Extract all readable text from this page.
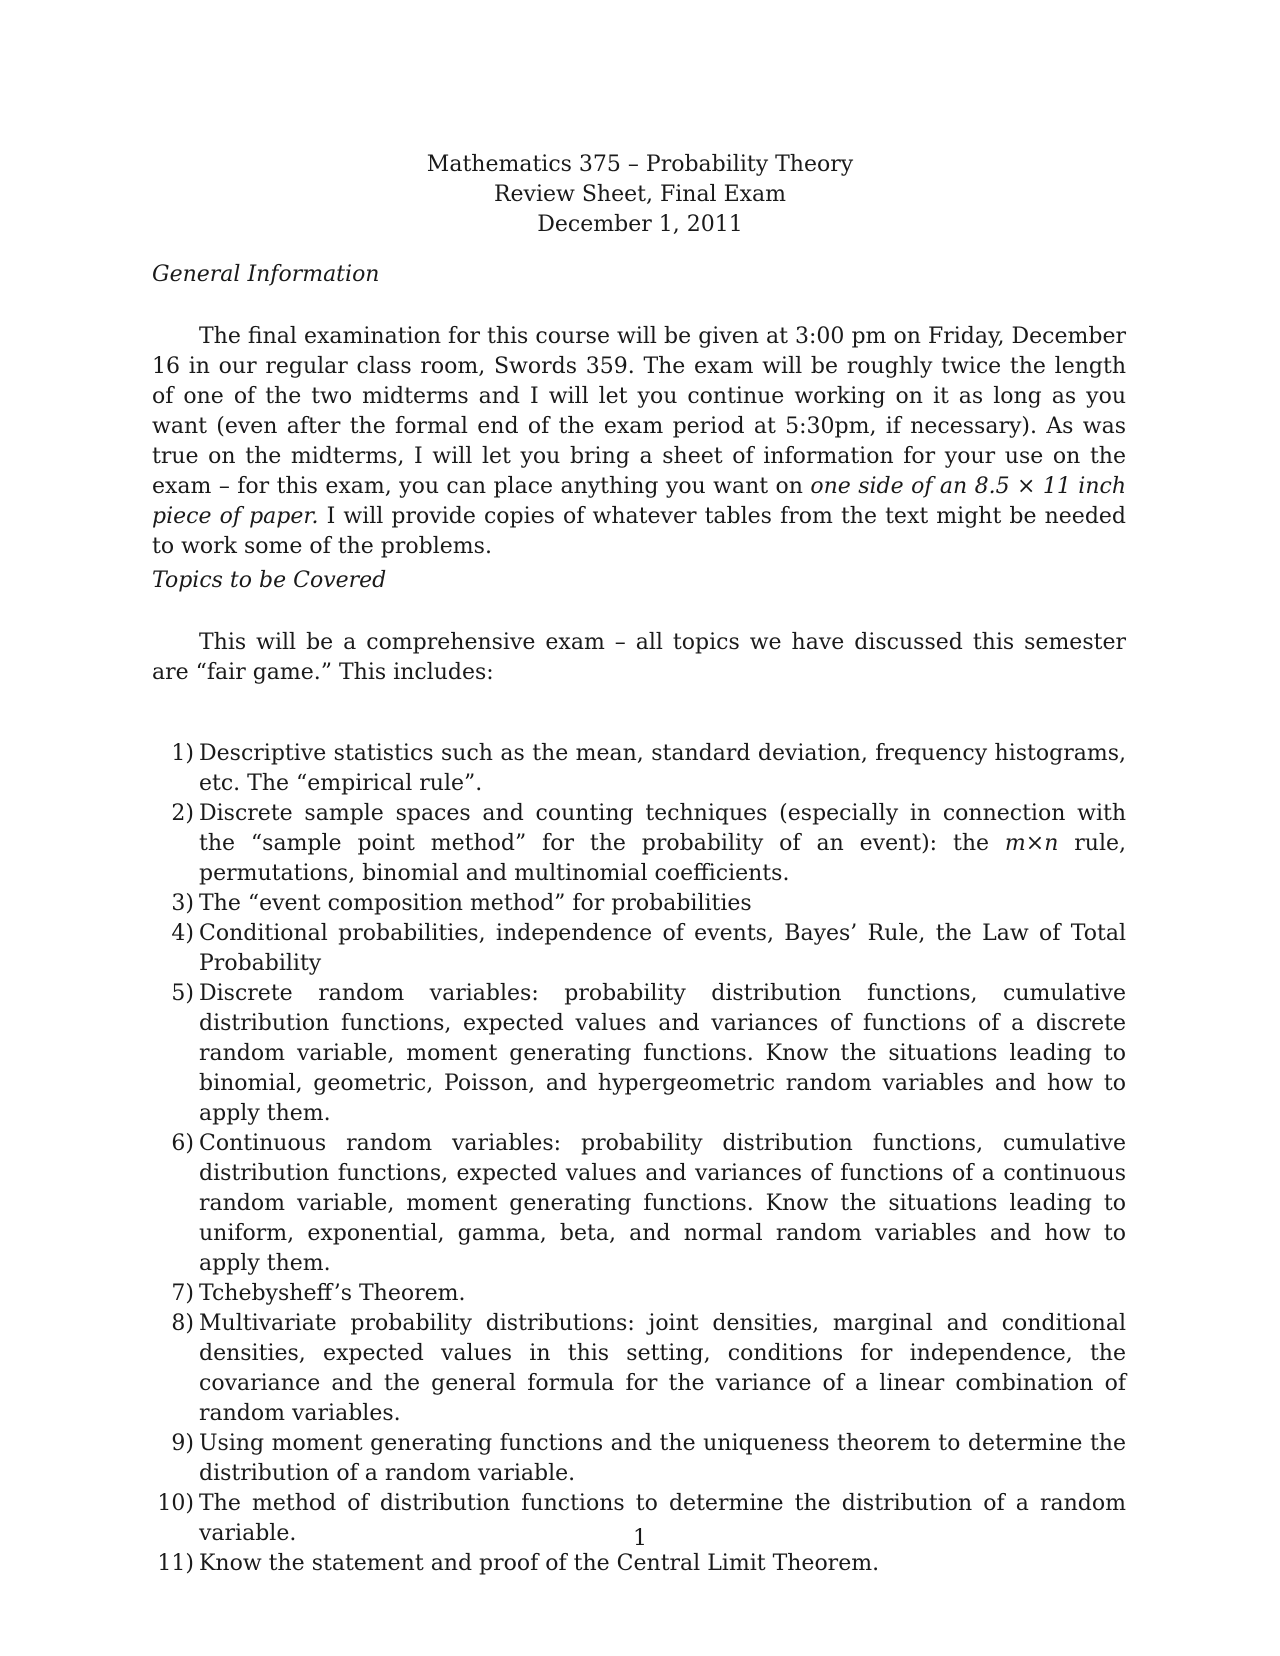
Mathematics 375 – Probability Theory
Review Sheet, Final Exam
December 1, 2011
General Information

The final examination for this course will be given at 3:00 pm on Friday, December 16 in our regular class room, Swords 359. The exam will be roughly twice the length of one of the two midterms and I will let you continue working on it as long as you want (even after the formal end of the exam period at 5:30pm, if necessary). As was true on the midterms, I will let you bring a sheet of information for your use on the exam – for this exam, you can place anything you want on one side of an 8.5 × 11 inch piece of paper. I will provide copies of whatever tables from the text might be needed to work some of the problems.

Topics to be Covered

This will be a comprehensive exam – all topics we have discussed this semester are “fair game.” This includes:

1) Descriptive statistics such as the mean, standard deviation, frequency histograms, etc. The “empirical rule”.
2) Discrete sample spaces and counting techniques (especially in connection with the “sample point method” for the probability of an event): the m×n rule, permutations, binomial and multinomial coefficients.
3) The “event composition method” for probabilities
4) Conditional probabilities, independence of events, Bayes’ Rule, the Law of Total Probability
5) Discrete random variables: probability distribution functions, cumulative distribution functions, expected values and variances of functions of a discrete random variable, moment generating functions. Know the situations leading to binomial, geometric, Poisson, and hypergeometric random variables and how to apply them.
6) Continuous random variables: probability distribution functions, cumulative distribution functions, expected values and variances of functions of a continuous random variable, moment generating functions. Know the situations leading to uniform, exponential, gamma, beta, and normal random variables and how to apply them.
7) Tchebysheff’s Theorem.
8) Multivariate probability distributions: joint densities, marginal and conditional densities, expected values in this setting, conditions for independence, the covariance and the general formula for the variance of a linear combination of random variables.
9) Using moment generating functions and the uniqueness theorem to determine the distribution of a random variable.
10) The method of distribution functions to determine the distribution of a random variable.
11) Know the statement and proof of the Central Limit Theorem.
1
